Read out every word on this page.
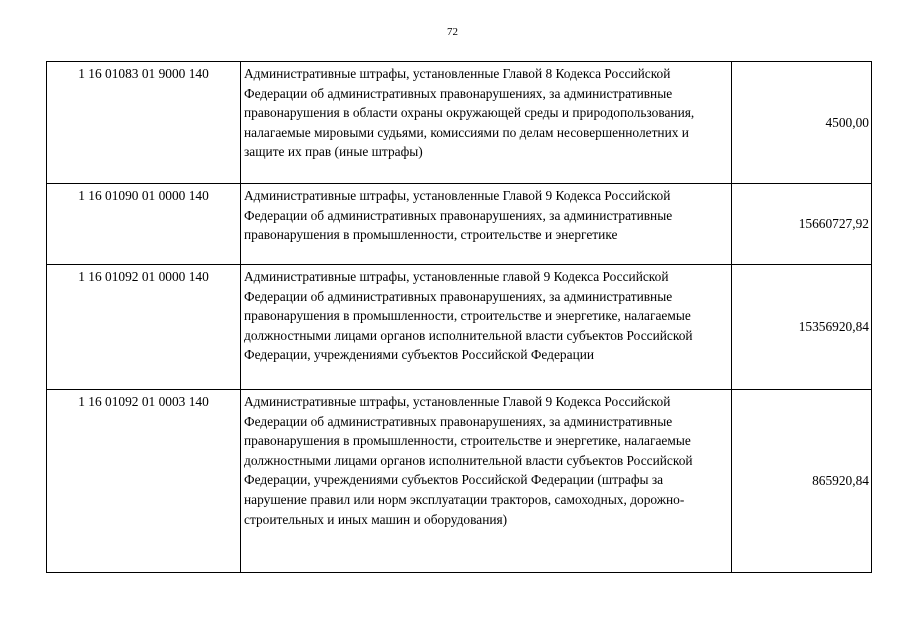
72
1 16 01083 01 9000 140	Административные штрафы, установленные Главой 8 Кодекса Российской Федерации об административных правонарушениях, за административные правонарушения в области охраны окружающей среды и природопользования, налагаемые мировыми судьями, комиссиями по делам несовершеннолетних и защите их прав (иные штрафы)	4500,00
1 16 01090 01 0000 140	Административные штрафы, установленные Главой 9 Кодекса Российской Федерации об административных правонарушениях, за административные правонарушения в промышленности, строительстве и энергетике	15660727,92
1 16 01092 01 0000 140	Административные штрафы, установленные главой 9 Кодекса Российской Федерации об административных правонарушениях, за административные правонарушения в промышленности, строительстве и энергетике, налагаемые должностными лицами органов исполнительной власти субъектов Российской Федерации, учреждениями субъектов Российской Федерации	15356920,84
1 16 01092 01 0003 140	Административные штрафы, установленные Главой 9 Кодекса Российской Федерации об административных правонарушениях, за административные правонарушения в промышленности, строительстве и энергетике, налагаемые должностными лицами органов исполнительной власти субъектов Российской Федерации, учреждениями субъектов Российской Федерации (штрафы за нарушение правил или норм эксплуатации тракторов, самоходных, дорожно-строительных и иных машин и оборудования)	865920,84
